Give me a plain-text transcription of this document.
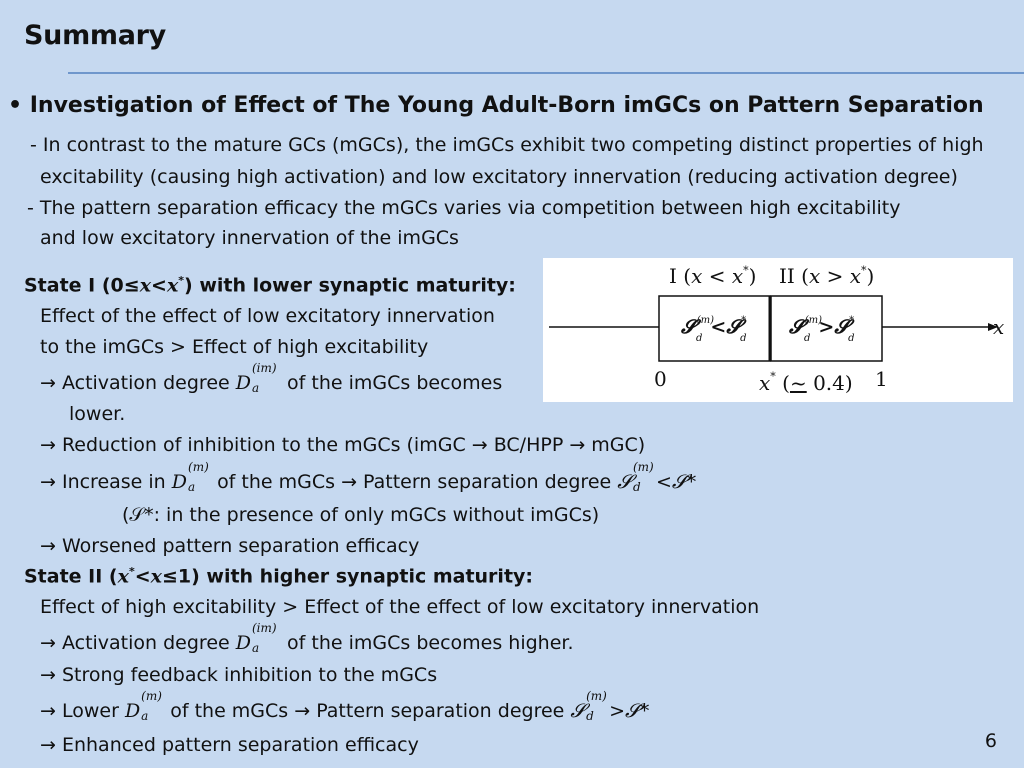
Summary
• Investigation of Effect of The Young Adult-Born imGCs on Pattern Separation
- In contrast to the mature GCs (mGCs), the imGCs exhibit two competing distinct properties of high
excitability (causing high activation) and low excitatory innervation (reducing activation degree)
- The pattern separation efficacy the mGCs varies via competition between high excitability
and low excitatory innervation of the imGCs
State I (0≤x<x*) with lower synaptic maturity:
Effect of the effect of low excitatory innervation
to the imGCs > Effect of high excitability
→ Activation degree D
(im)
a of the imGCs becomes
lower.
→ Reduction of inhibition to the mGCs (imGC → BC/HPP → mGC)
→ Increase in D
(m)
a of the mGCs → Pattern separation degree 𝓢
(m)
d <𝓢*
(𝒮*: in the presence of only mGCs without imGCs)
→ Worsened pattern separation efficacy
State II (x*<x≤1) with higher synaptic maturity:
Effect of high excitability > Effect of the effect of low excitatory innervation
→ Activation degree D
(im)
a of the imGCs becomes higher.
→ Strong feedback inhibition to the mGCs
→ Lower D
(m)
a of the mGCs → Pattern separation degree 𝓢
(m)
d >𝓢*
→ Enhanced pattern separation efficacy
I (x < x*) II (x > x*)
x
𝓢$^{(m)}$ d<𝓢* d
𝓢$^{(m)}$ d>𝓢* d
0	1
x* (~ 0.4)
6
